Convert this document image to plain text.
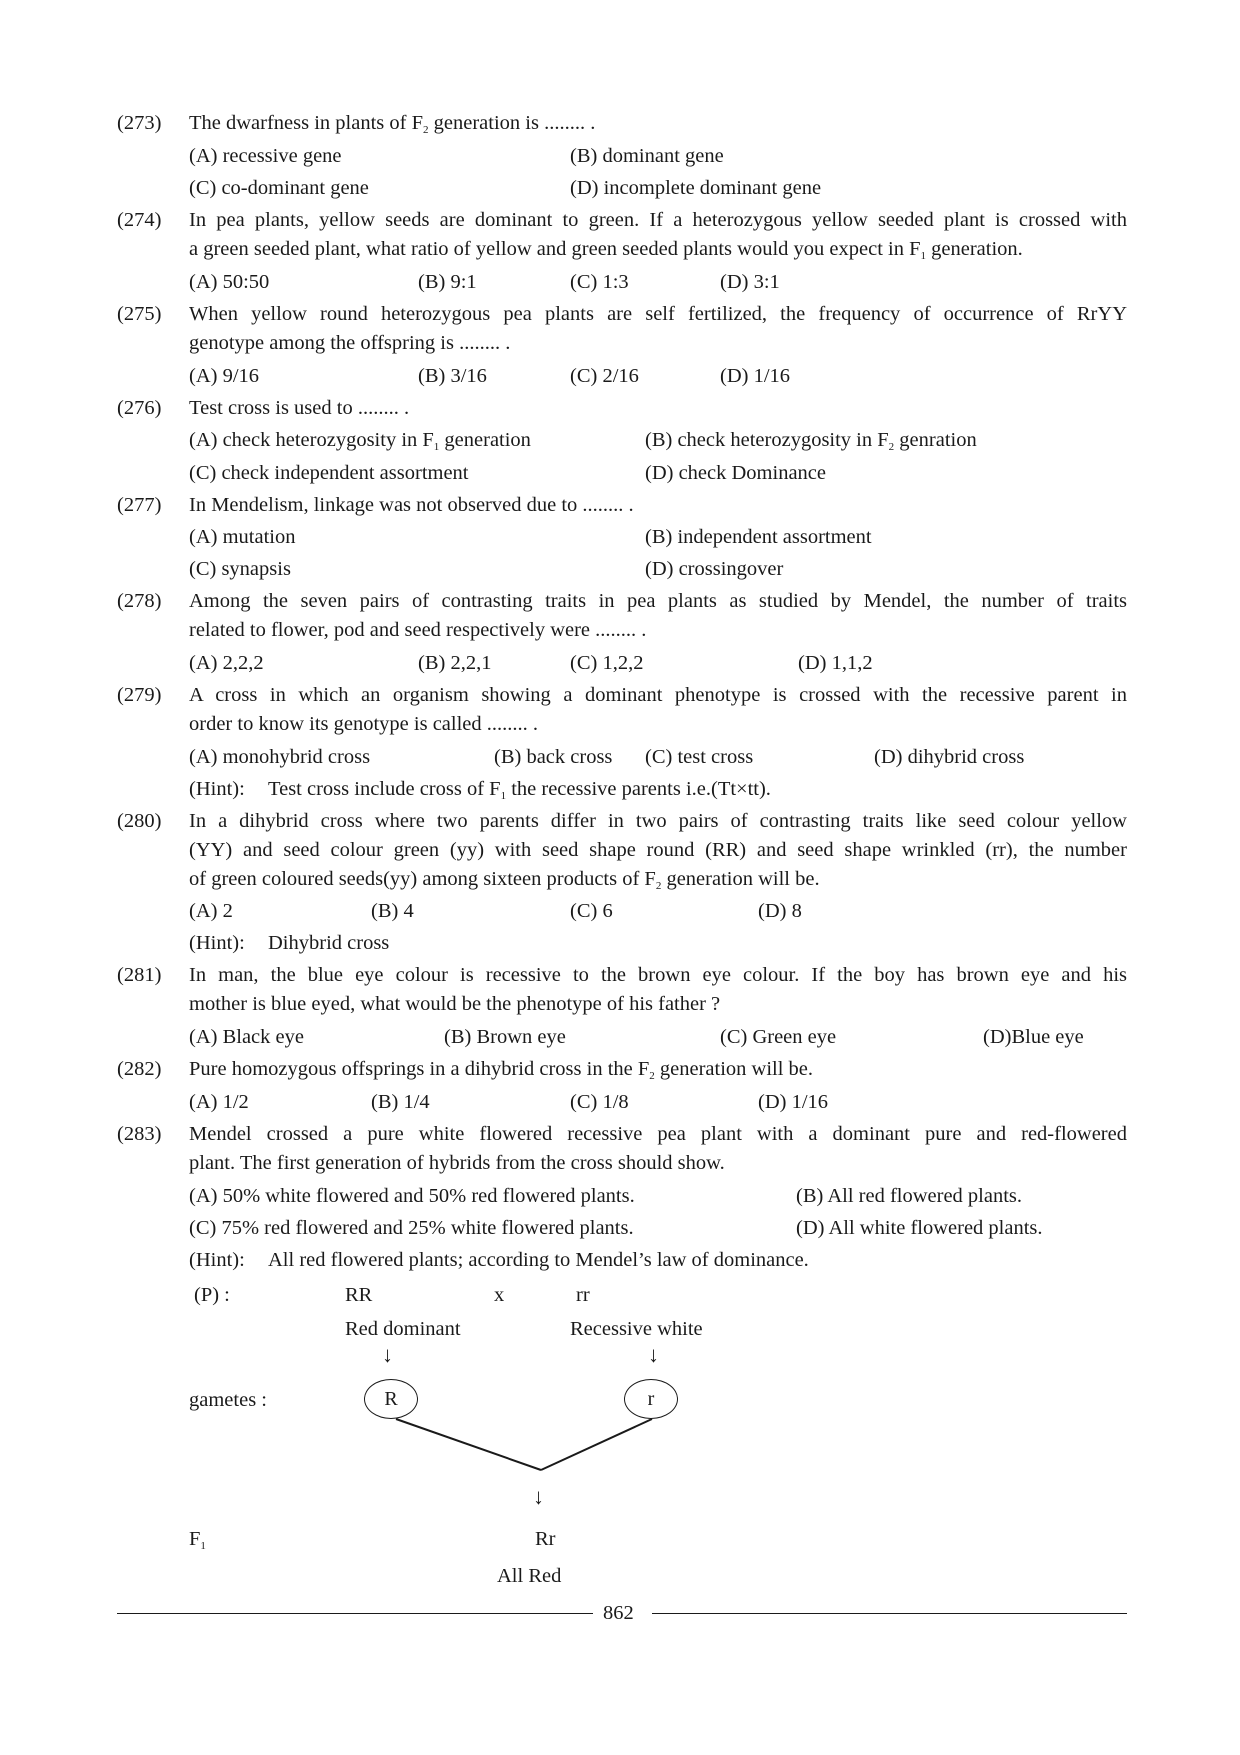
(273) The dwarfness in plants of $F_2$ generation is ........ .
(A) recessive gene	(B) dominant gene
(C) co-dominant gene	(D) incomplete dominant gene
(274) In pea plants, yellow seeds are dominant to green. If a heterozygous yellow seeded plant is crossed with
a green seeded plant, what ratio of yellow and green seeded plants would you expect in $F_1$ generation.
(A) 50:50	(B) 9:1	(C) 1:3	(D) 3:1
(275) When yellow round heterozygous pea plants are self fertilized, the frequency of occurrence of RrYY
genotype among the offspring is ........ .
(A) 9/16	(B) 3/16	(C) 2/16	(D) 1/16
(276) Test cross is used to ........ .
(A) check heterozygosity in $F_1$ generation	(B) check heterozygosity in $F_2$ genration
(C) check independent assortment	(D) check Dominance
(277) In Mendelism, linkage was not observed due to ........ .
(A) mutation	(B) independent assortment
(C) synapsis	(D) crossingover
(278) Among the seven pairs of contrasting traits in pea plants as studied by Mendel, the number of traits
related to flower, pod and seed respectively were ........ .
(A) 2,2,2	(B) 2,2,1	(C) 1,2,2	(D) 1,1,2
(279) A cross in which an organism showing a dominant phenotype is crossed with the recessive parent in
order to know its genotype is called ........ .
(A) monohybrid cross	(B) back cross (C) test cross	(D) dihybrid cross
(Hint): Test cross include cross of $F_1$ the recessive parents i.e.(Tt×tt).
(280) In a dihybrid cross where two parents differ in two pairs of contrasting traits like seed colour yellow
(YY) and seed colour green (yy) with seed shape round (RR) and seed shape wrinkled (rr), the number
of green coloured seeds(yy) among sixteen products of $F_2$ generation will be.
(A) 2	(B) 4	(C) 6	(D) 8
(Hint): Dihybrid cross
(281) In man, the blue eye colour is recessive to the brown eye colour. If the boy has brown eye and his
mother is blue eyed, what would be the phenotype of his father ?
(A) Black eye	(B) Brown eye	(C) Green eye	(D)Blue eye
(282) Pure homozygous offsprings in a dihybrid cross in the $F_2$ generation will be.
(A) 1/2	(B) 1/4	(C) 1/8	(D) 1/16
(283) Mendel crossed a pure white flowered recessive pea plant with a dominant pure and red-flowered
plant. The first generation of hybrids from the cross should show.
(A) 50% white flowered and 50% red flowered plants.	(B) All red flowered plants.
(C) 75% red flowered and 25% white flowered plants.	(D) All white flowered plants.
(Hint): All red flowered plants; according to Mendel’s law of dominance.
(P) :	RR	x	rr
Red dominant	Recessive white
↓	↓
gametes :	R	r
↓
$F_1$	Rr
All Red
862
